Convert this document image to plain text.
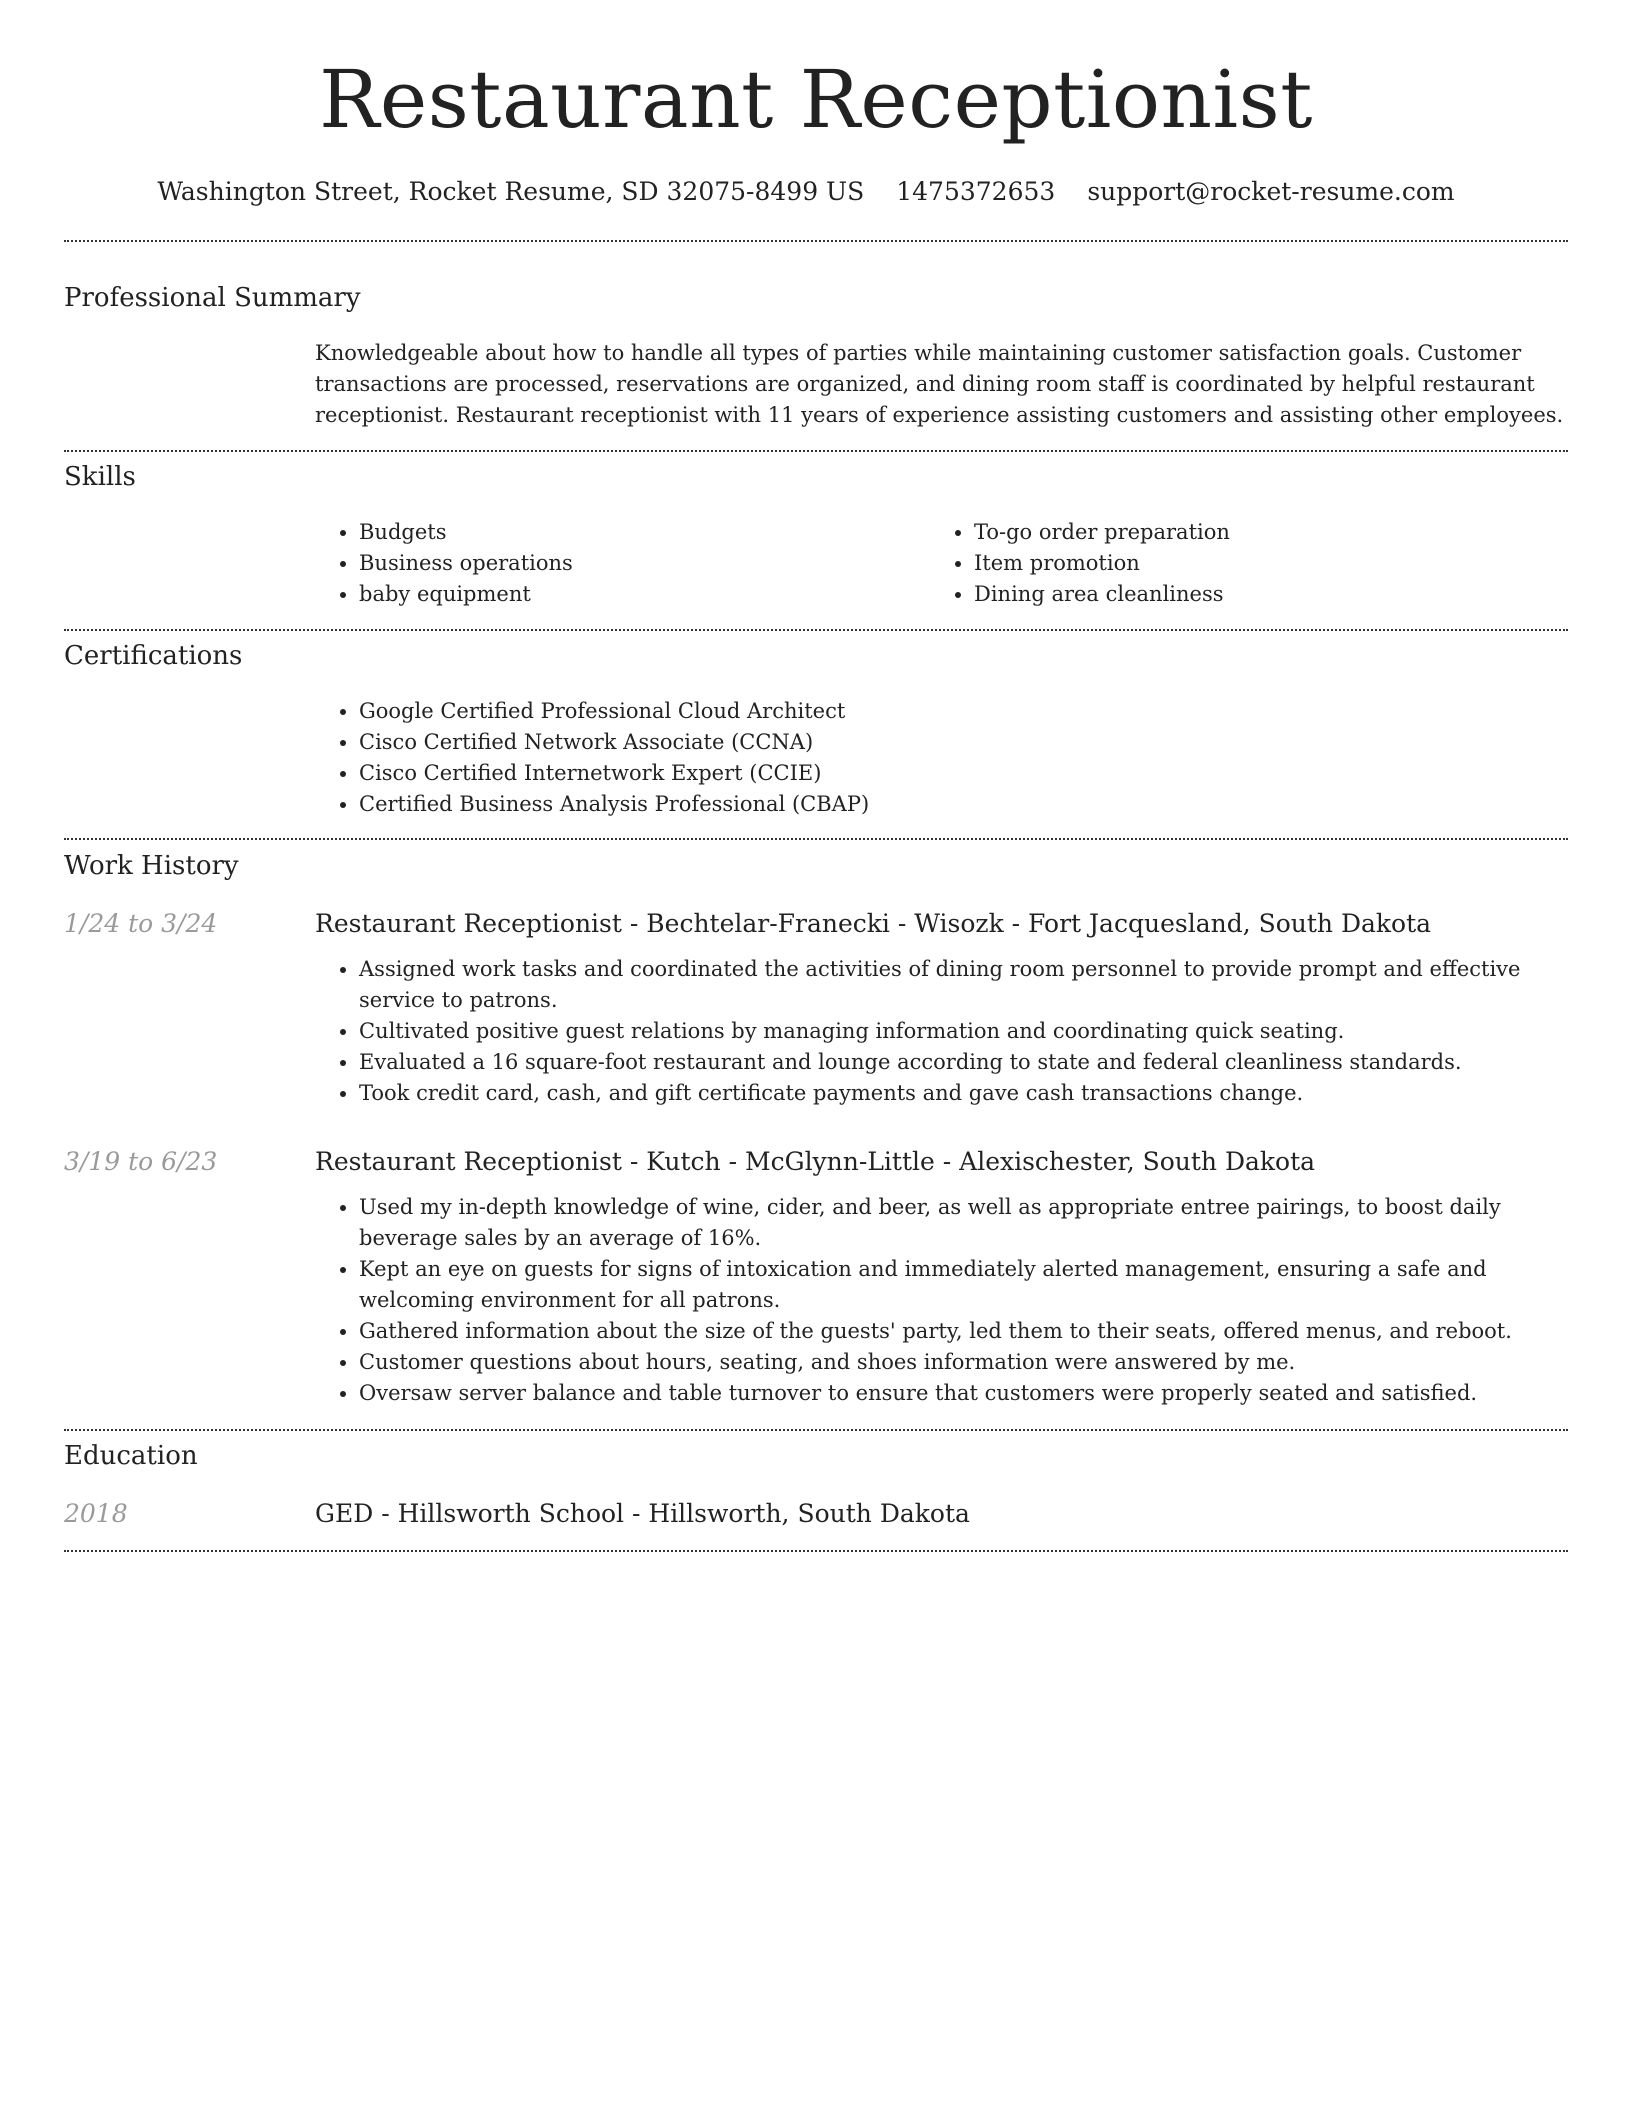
Restaurant Receptionist
Washington Street, Rocket Resume, SD 32075-8499 US 1475372653 support@rocket-resume.com
Professional Summary

Knowledgeable about how to handle all types of parties while maintaining customer satisfaction goals. Customer transactions are processed, reservations are organized, and dining room staff is coordinated by helpful restaurant receptionist. Restaurant receptionist with 11 years of experience assisting customers and assisting other employees.

Skills
• Budgets
• Business operations
• baby equipment
• To-go order preparation
• Item promotion
• Dining area cleanliness
Certifications
• Google Certified Professional Cloud Architect
• Cisco Certified Network Associate (CCNA)
• Cisco Certified Internetwork Expert (CCIE)
• Certified Business Analysis Professional (CBAP)
Work History
1/24 to 3/24	Restaurant Receptionist - Bechtelar-Franecki - Wisozk - Fort Jacquesland, South Dakota
• Assigned work tasks and coordinated the activities of dining room personnel to provide prompt and effective service to patrons.
• Cultivated positive guest relations by managing information and coordinating quick seating.
• Evaluated a 16 square-foot restaurant and lounge according to state and federal cleanliness standards.
• Took credit card, cash, and gift certificate payments and gave cash transactions change.
3/19 to 6/23	Restaurant Receptionist - Kutch - McGlynn-Little - Alexischester, South Dakota
• Used my in-depth knowledge of wine, cider, and beer, as well as appropriate entree pairings, to boost daily beverage sales by an average of 16%.
• Kept an eye on guests for signs of intoxication and immediately alerted management, ensuring a safe and welcoming environment for all patrons.
• Gathered information about the size of the guests' party, led them to their seats, offered menus, and reboot.
• Customer questions about hours, seating, and shoes information were answered by me.
• Oversaw server balance and table turnover to ensure that customers were properly seated and satisfied.
Education
2018	GED - Hillsworth School - Hillsworth, South Dakota
